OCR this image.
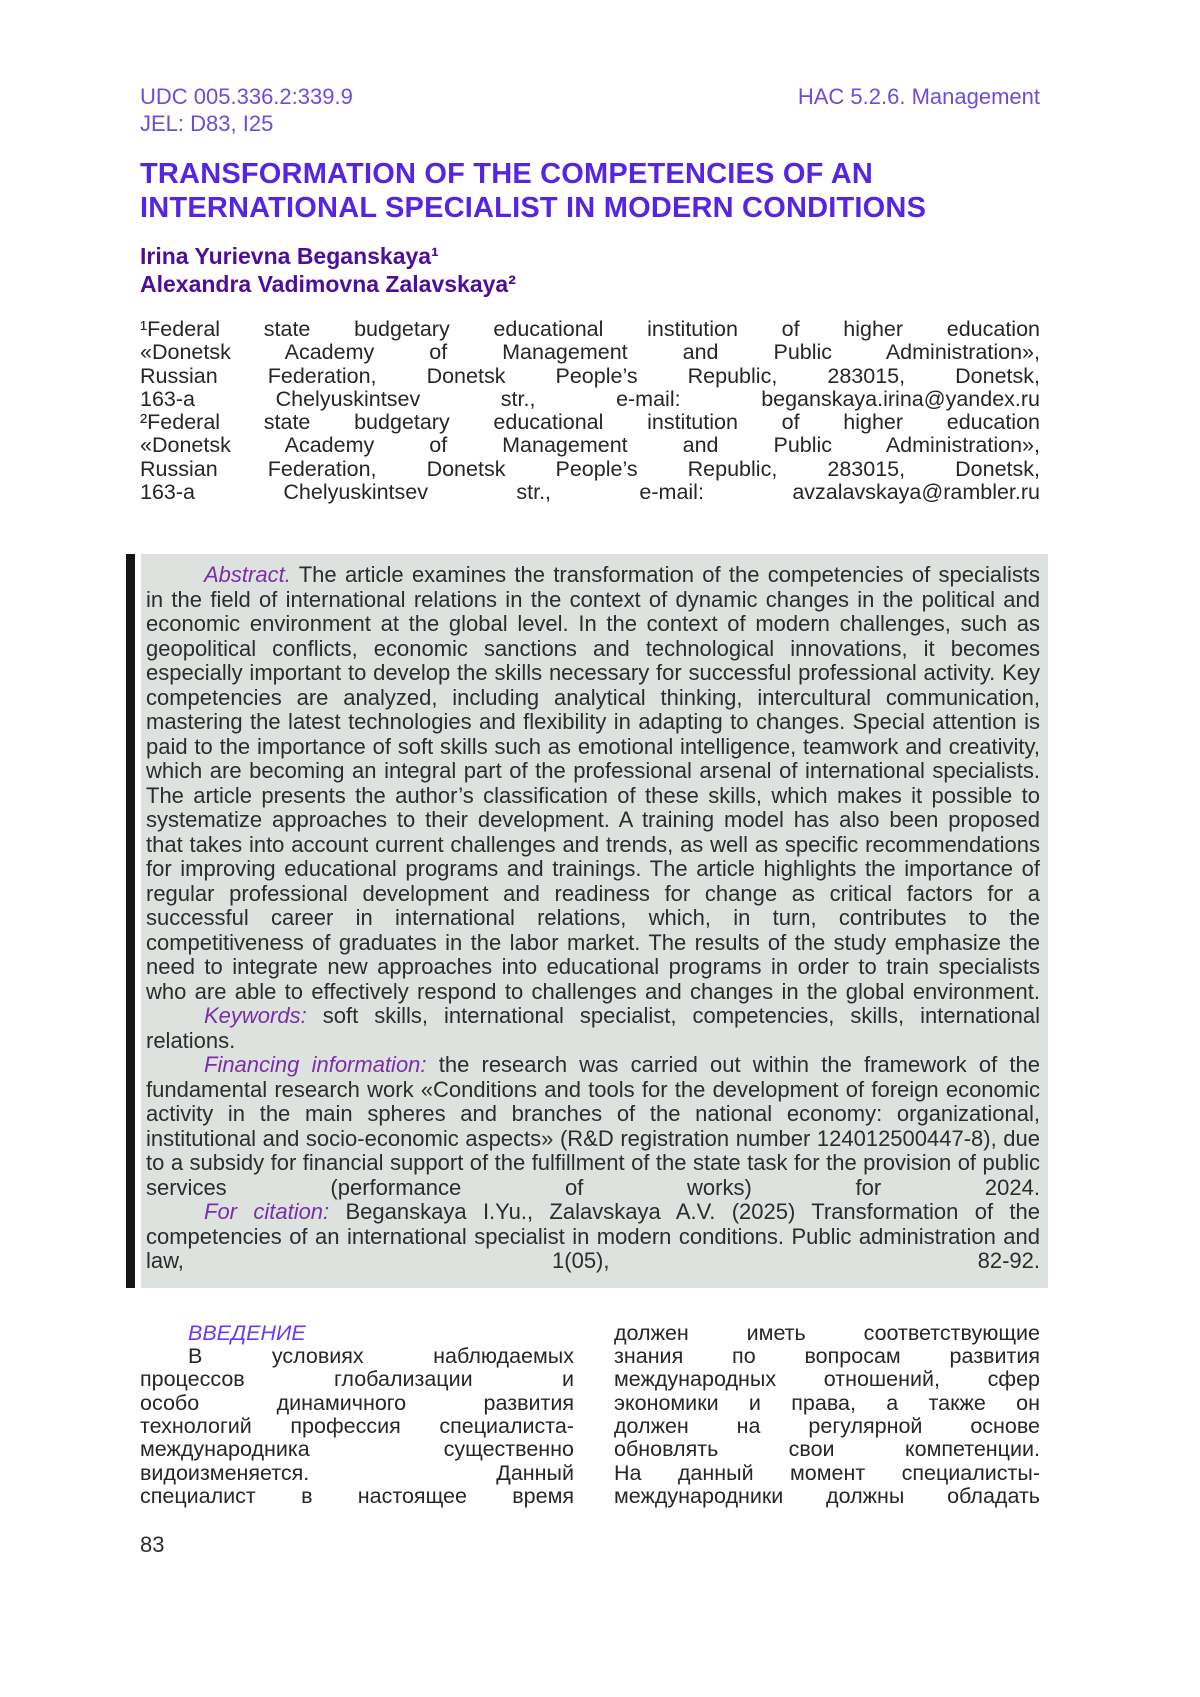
UDC 005.336.2:339.9	HAC 5.2.6. Management
JEL: D83, I25
TRANSFORMATION OF THE COMPETENCIES OF AN INTERNATIONAL SPECIALIST IN MODERN CONDITIONS
Irina Yurievna Beganskaya¹
Alexandra Vadimovna Zalavskaya²
¹Federal state budgetary educational institution of higher education
«Donetsk Academy of Management and Public Administration»,
Russian Federation, Donetsk People’s Republic, 283015, Donetsk,
163-a Chelyuskintsev str., e-mail: beganskaya.irina@yandex.ru
²Federal state budgetary educational institution of higher education
«Donetsk Academy of Management and Public Administration»,
Russian Federation, Donetsk People’s Republic, 283015, Donetsk,
163-a Chelyuskintsev str., e-mail: avzalavskaya@rambler.ru

Abstract. The article examines the transformation of the competencies of specialists in the field of international relations in the context of dynamic changes in the political and economic environment at the global level. In the context of modern challenges, such as geopolitical conflicts, economic sanctions and technological innovations, it becomes especially important to develop the skills necessary for successful professional activity. Key competencies are analyzed, including analytical thinking, intercultural communication, mastering the latest technologies and flexibility in adapting to changes. Special attention is paid to the importance of soft skills such as emotional intelligence, teamwork and creativity, which are becoming an integral part of the professional arsenal of international specialists. The article presents the author’s classification of these skills, which makes it possible to systematize approaches to their development. A training model has also been proposed that takes into account current challenges and trends, as well as specific recommendations for improving educational programs and trainings. The article highlights the importance of regular professional development and readiness for change as critical factors for a successful career in international relations, which, in turn, contributes to the competitiveness of graduates in the labor market. The results of the study emphasize the need to integrate new approaches into educational programs in order to train specialists who are able to effectively respond to challenges and changes in the global environment.

Keywords: soft skills, international specialist, competencies, skills, international relations.

Financing information: the research was carried out within the framework of the fundamental research work «Conditions and tools for the development of foreign economic activity in the main spheres and branches of the national economy: organizational, institutional and socio-economic aspects» (R&D registration number 124012500447-8), due to a subsidy for financial support of the fulfillment of the state task for the provision of public services (performance of works) for 2024.

For citation: Beganskaya I.Yu., Zalavskaya A.V. (2025) Transformation of the competencies of an international specialist in modern conditions. Public administration and law, 1(05), 82-92.

ВВЕДЕНИЕ
В условиях наблюдаемых
процессов глобализации и
особо динамичного развития
технологий профессия специалиста-
международника существенно
видоизменяется. Данный
специалист в настоящее время
должен иметь соответствующие
знания по вопросам развития
международных отношений, сфер
экономики и права, а также он
должен на регулярной основе
обновлять свои компетенции.
На данный момент специалисты-
международники должны обладать
83
